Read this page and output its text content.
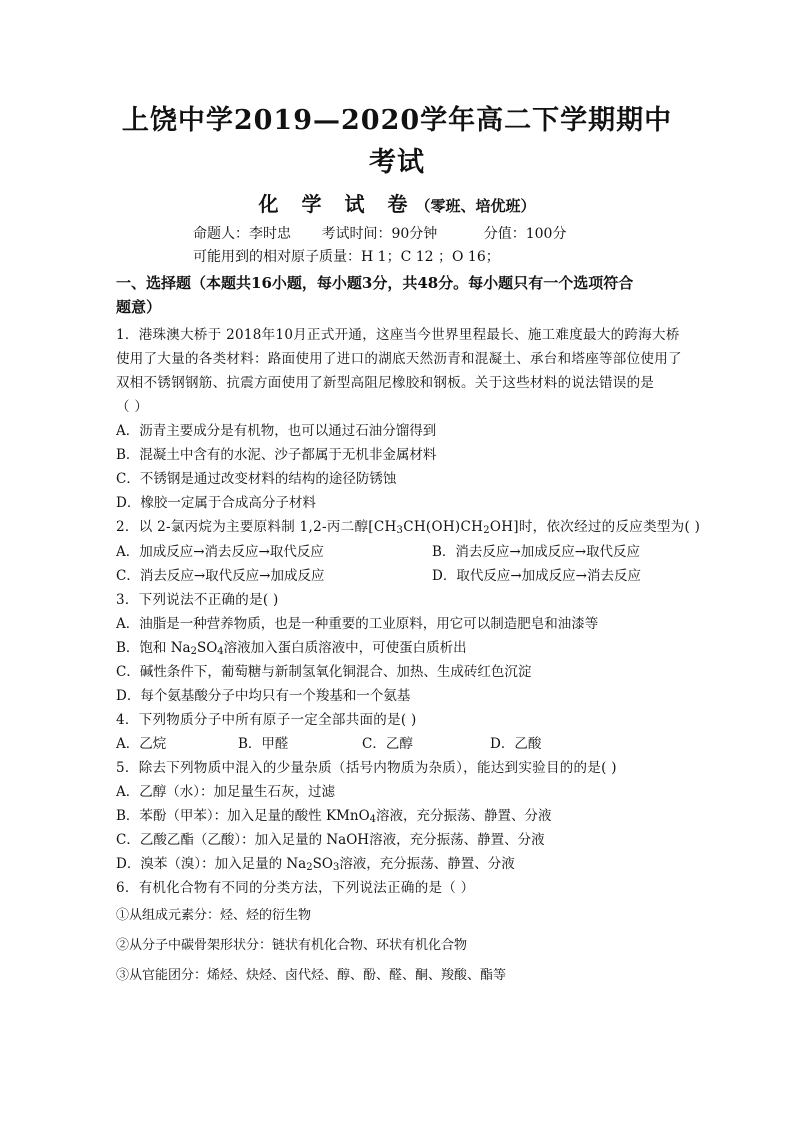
上饶中学2019—2020学年高二下学期期中
考试
化 学 试 卷（零班、培优班）
命题人：李时忠 考试时间：90分钟	分值：100分
可能用到的相对原子质量：H 1；C 12 ；O 16；
一、选择题（本题共16小题，每小题3分，共48分。每小题只有一个选项符合
题意）
1．港珠澳大桥于 2018年10月正式开通，这座当今世界里程最长、施工难度最大的跨海大桥
使用了大量的各类材料：路面使用了进口的湖底天然沥青和混凝土、承台和塔座等部位使用了
双相不锈钢钢筋、抗震方面使用了新型高阻尼橡胶和钢板。关于这些材料的说法错误的是
（ ）
A．沥青主要成分是有机物，也可以通过石油分馏得到
B．混凝土中含有的水泥、沙子都属于无机非金属材料
C．不锈钢是通过改变材料的结构的途径防锈蚀
D．橡胶一定属于合成高分子材料
2．以 2-氯丙烷为主要原料制 1,2-丙二醇$[CH_3CH(OH)CH_2OH]$时，依次经过的反应类型为( )
A．加成反应→消去反应→取代反应	B．消去反应→加成反应→取代反应
C．消去反应→取代反应→加成反应	D．取代反应→加成反应→消去反应
3．下列说法不正确的是( )
A．油脂是一种营养物质，也是一种重要的工业原料，用它可以制造肥皂和油漆等
B．饱和 $Na_2SO_4$溶液加入蛋白质溶液中，可使蛋白质析出
C．碱性条件下，葡萄糖与新制氢氧化铜混合、加热、生成砖红色沉淀
D．每个氨基酸分子中均只有一个羧基和一个氨基
4．下列物质分子中所有原子一定全部共面的是( )
A．乙烷	B．甲醛	C．乙醇	D．乙酸
5．除去下列物质中混入的少量杂质（括号内物质为杂质），能达到实验目的的是( )
A．乙醇（水）：加足量生石灰，过滤
B．苯酚（甲苯）：加入足量的酸性 KMnO$_4$溶液，充分振荡、静置、分液
C．乙酸乙酯（乙酸）：加入足量的 NaOH溶液，充分振荡、静置、分液
D．溴苯（溴）：加入足量的 $Na_2SO_3$溶液，充分振荡、静置、分液
6．有机化合物有不同的分类方法，下列说法正确的是（ ）
①从组成元素分：烃、烃的衍生物
②从分子中碳骨架形状分：链状有机化合物、环状有机化合物
③从官能团分：烯烃、炔烃、卤代烃、醇、酚、醛、酮、羧酸、酯等
